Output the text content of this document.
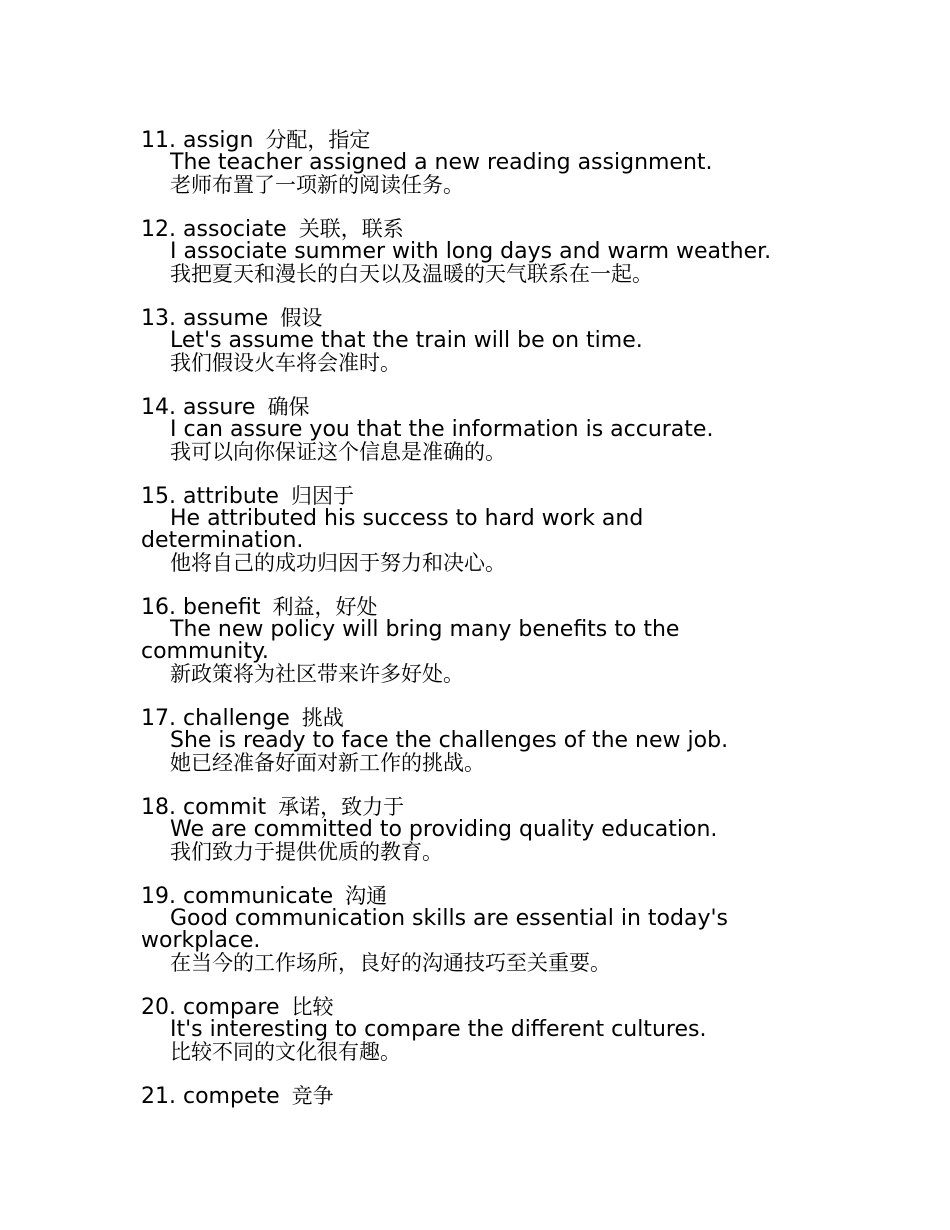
11. assign 分配，指定
The teacher assigned a new reading assignment.
老师布置了一项新的阅读任务。
12. associate 关联，联系
I associate summer with long days and warm weather.
我把夏天和漫长的白天以及温暖的天气联系在一起。
13. assume 假设
Let's assume that the train will be on time.
我们假设火车将会准时。
14. assure 确保
I can assure you that the information is accurate.
我可以向你保证这个信息是准确的。
15. attribute 归因于
He attributed his success to hard work and determination.
他将自己的成功归因于努力和决心。
16. benefit 利益，好处
The new policy will bring many benefits to the community.
新政策将为社区带来许多好处。
17. challenge 挑战
She is ready to face the challenges of the new job.
她已经准备好面对新工作的挑战。
18. commit 承诺，致力于
We are committed to providing quality education.
我们致力于提供优质的教育。
19. communicate 沟通
Good communication skills are essential in today's workplace.
在当今的工作场所，良好的沟通技巧至关重要。
20. compare 比较
It's interesting to compare the different cultures.
比较不同的文化很有趣。
21. compete 竞争
